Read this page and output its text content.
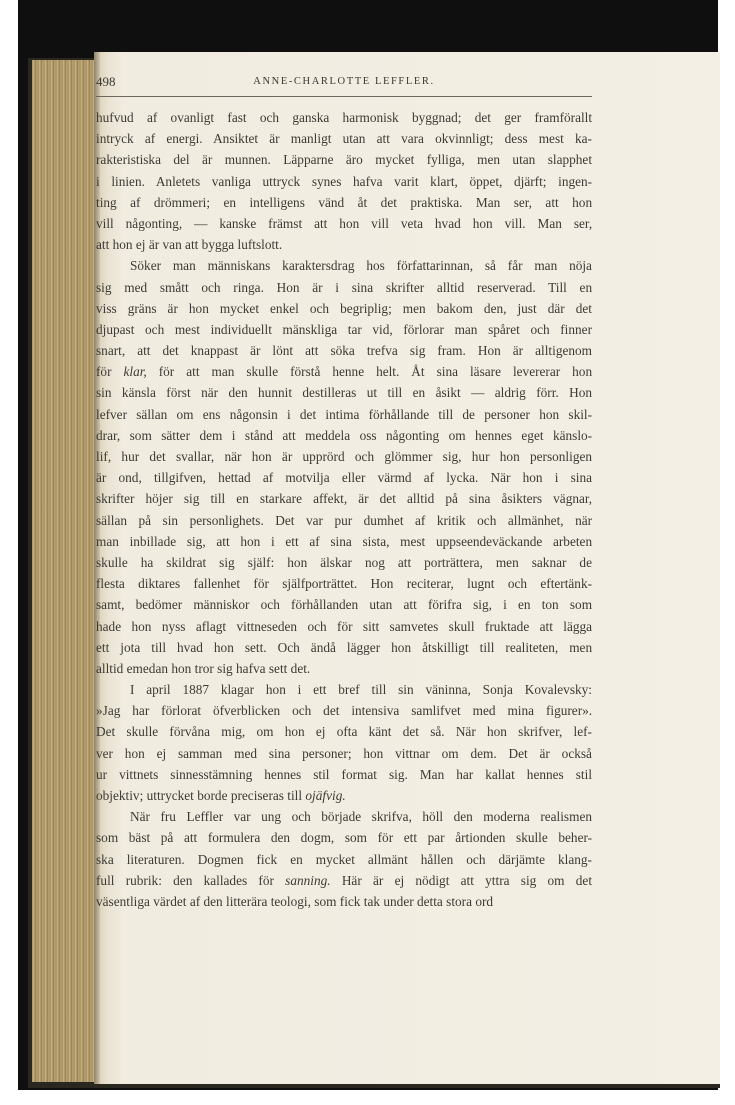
498	ANNE-CHARLOTTE LEFFLER.
hufvud af ovanligt fast och ganska harmonisk byggnad; det ger framförallt
intryck af energi. Ansiktet är manligt utan att vara okvinnligt; dess mest ka-
rakteristiska del är munnen. Läpparne äro mycket fylliga, men utan slapphet
i linien. Anletets vanliga uttryck synes hafva varit klart, öppet, djärft; ingen-
ting af drömmeri; en intelligens vänd åt det praktiska. Man ser, att hon
vill någonting, — kanske främst att hon vill veta hvad hon vill. Man ser,
att hon ej är van att bygga luftslott.
Söker man människans karaktersdrag hos författarinnan, så får man nöja
sig med smått och ringa. Hon är i sina skrifter alltid reserverad. Till en
viss gräns är hon mycket enkel och begriplig; men bakom den, just där det
djupast och mest individuellt mänskliga tar vid, förlorar man spåret och finner
snart, att det knappast är lönt att söka trefva sig fram. Hon är alltigenom
för klar, för att man skulle förstå henne helt. Åt sina läsare levererar hon
sin känsla först när den hunnit destilleras ut till en åsikt — aldrig förr. Hon
lefver sällan om ens någonsin i det intima förhållande till de personer hon skil-
drar, som sätter dem i stånd att meddela oss någonting om hennes eget känslo-
lif, hur det svallar, när hon är upprörd och glömmer sig, hur hon personligen
är ond, tillgifven, hettad af motvilja eller värmd af lycka. När hon i sina
skrifter höjer sig till en starkare affekt, är det alltid på sina åsikters vägnar,
sällan på sin personlighets. Det var pur dumhet af kritik och allmänhet, när
man inbillade sig, att hon i ett af sina sista, mest uppseendeväckande arbeten
skulle ha skildrat sig själf: hon älskar nog att porträttera, men saknar de
flesta diktares fallenhet för själfporträttet. Hon reciterar, lugnt och eftertänk-
samt, bedömer människor och förhållanden utan att förifra sig, i en ton som
hade hon nyss aflagt vittneseden och för sitt samvetes skull fruktade att lägga
ett jota till hvad hon sett. Och ändå lägger hon åtskilligt till realiteten, men
alltid emedan hon tror sig hafva sett det.
I april 1887 klagar hon i ett bref till sin väninna, Sonja Kovalevsky:
»Jag har förlorat öfverblicken och det intensiva samlifvet med mina figurer».
Det skulle förvåna mig, om hon ej ofta känt det så. När hon skrifver, lef-
ver hon ej samman med sina personer; hon vittnar om dem. Det är också
ur vittnets sinnesstämning hennes stil format sig. Man har kallat hennes stil
objektiv; uttrycket borde preciseras till ojäfvig.
När fru Leffler var ung och började skrifva, höll den moderna realismen
som bäst på att formulera den dogm, som för ett par årtionden skulle beher-
ska literaturen. Dogmen fick en mycket allmänt hållen och därjämte klang-
full rubrik: den kallades för sanning. Här är ej nödigt att yttra sig om det
väsentliga värdet af den litterära teologi, som fick tak under detta stora ord
